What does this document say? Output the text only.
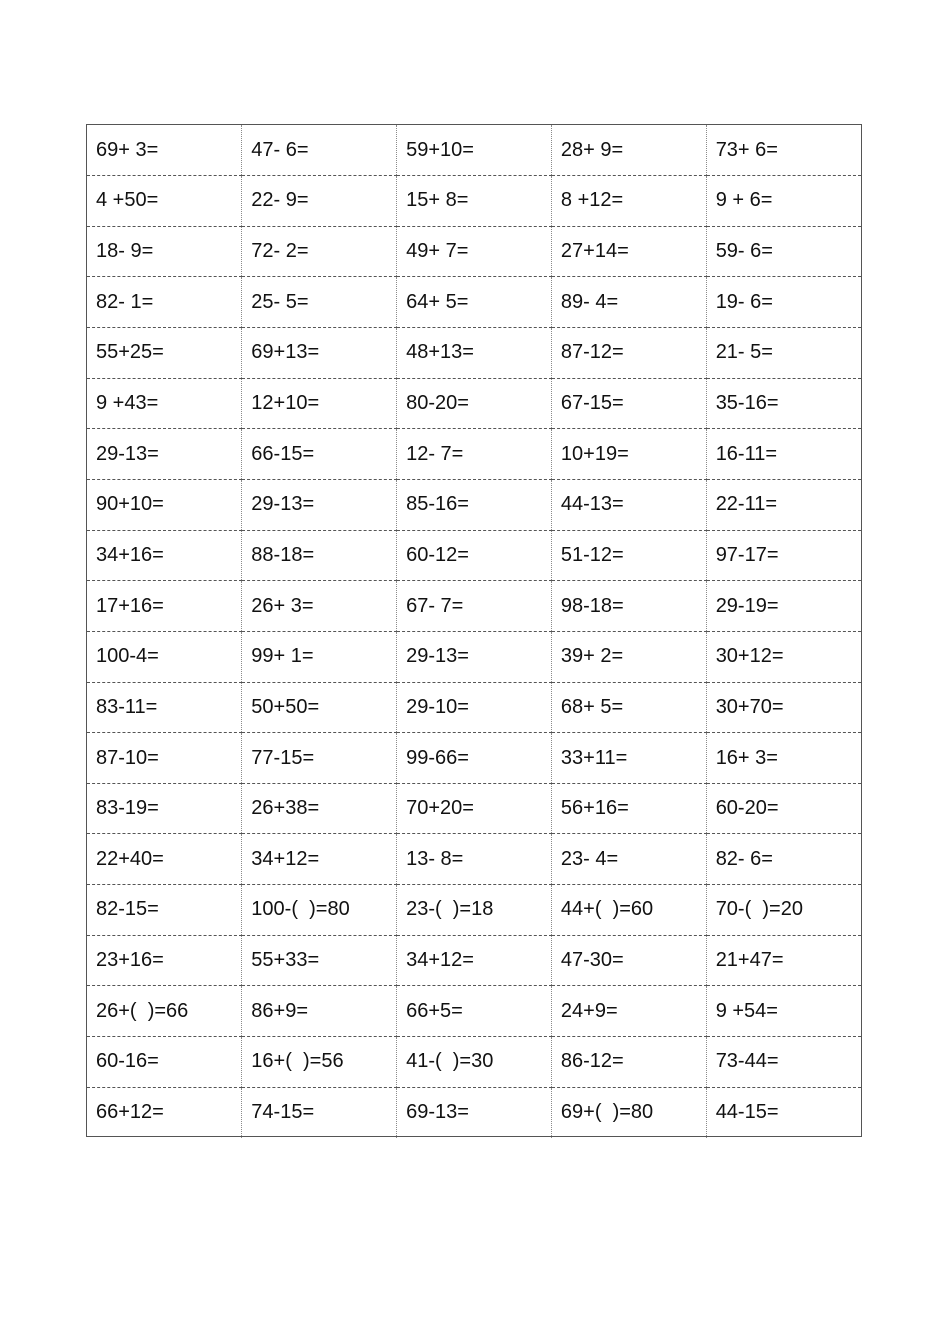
69+ 3=	47- 6=	59+10=	28+ 9=	73+ 6=
4 +50=	22- 9=	15+ 8=	8 +12=	9 + 6=
18- 9=	72- 2=	49+ 7=	27+14=	59- 6=
82- 1=	25- 5=	64+ 5=	89- 4=	19- 6=
55+25=	69+13=	48+13=	87-12=	21- 5=
9 +43=	12+10=	80-20=	67-15=	35-16=
29-13=	66-15=	12- 7=	10+19=	16-11=
90+10=	29-13=	85-16=	44-13=	22-11=
34+16=	88-18=	60-12=	51-12=	97-17=
17+16=	26+ 3=	67- 7=	98-18=	29-19=
100-4=	99+ 1=	29-13=	39+ 2=	30+12=
83-11=	50+50=	29-10=	68+ 5=	30+70=
87-10=	77-15=	99-66=	33+11=	16+ 3=
83-19=	26+38=	70+20=	56+16=	60-20=
22+40=	34+12=	13- 8=	23- 4=	82- 6=
82-15=	100-(  )=80	23-(  )=18	44+(  )=60	70-(  )=20
23+16=	55+33=	34+12=	47-30=	21+47=
26+(  )=66	86+9=	66+5=	24+9=	9 +54=
60-16=	16+(  )=56	41-(  )=30	86-12=	73-44=
66+12=	74-15=	69-13=	69+(  )=80	44-15=
